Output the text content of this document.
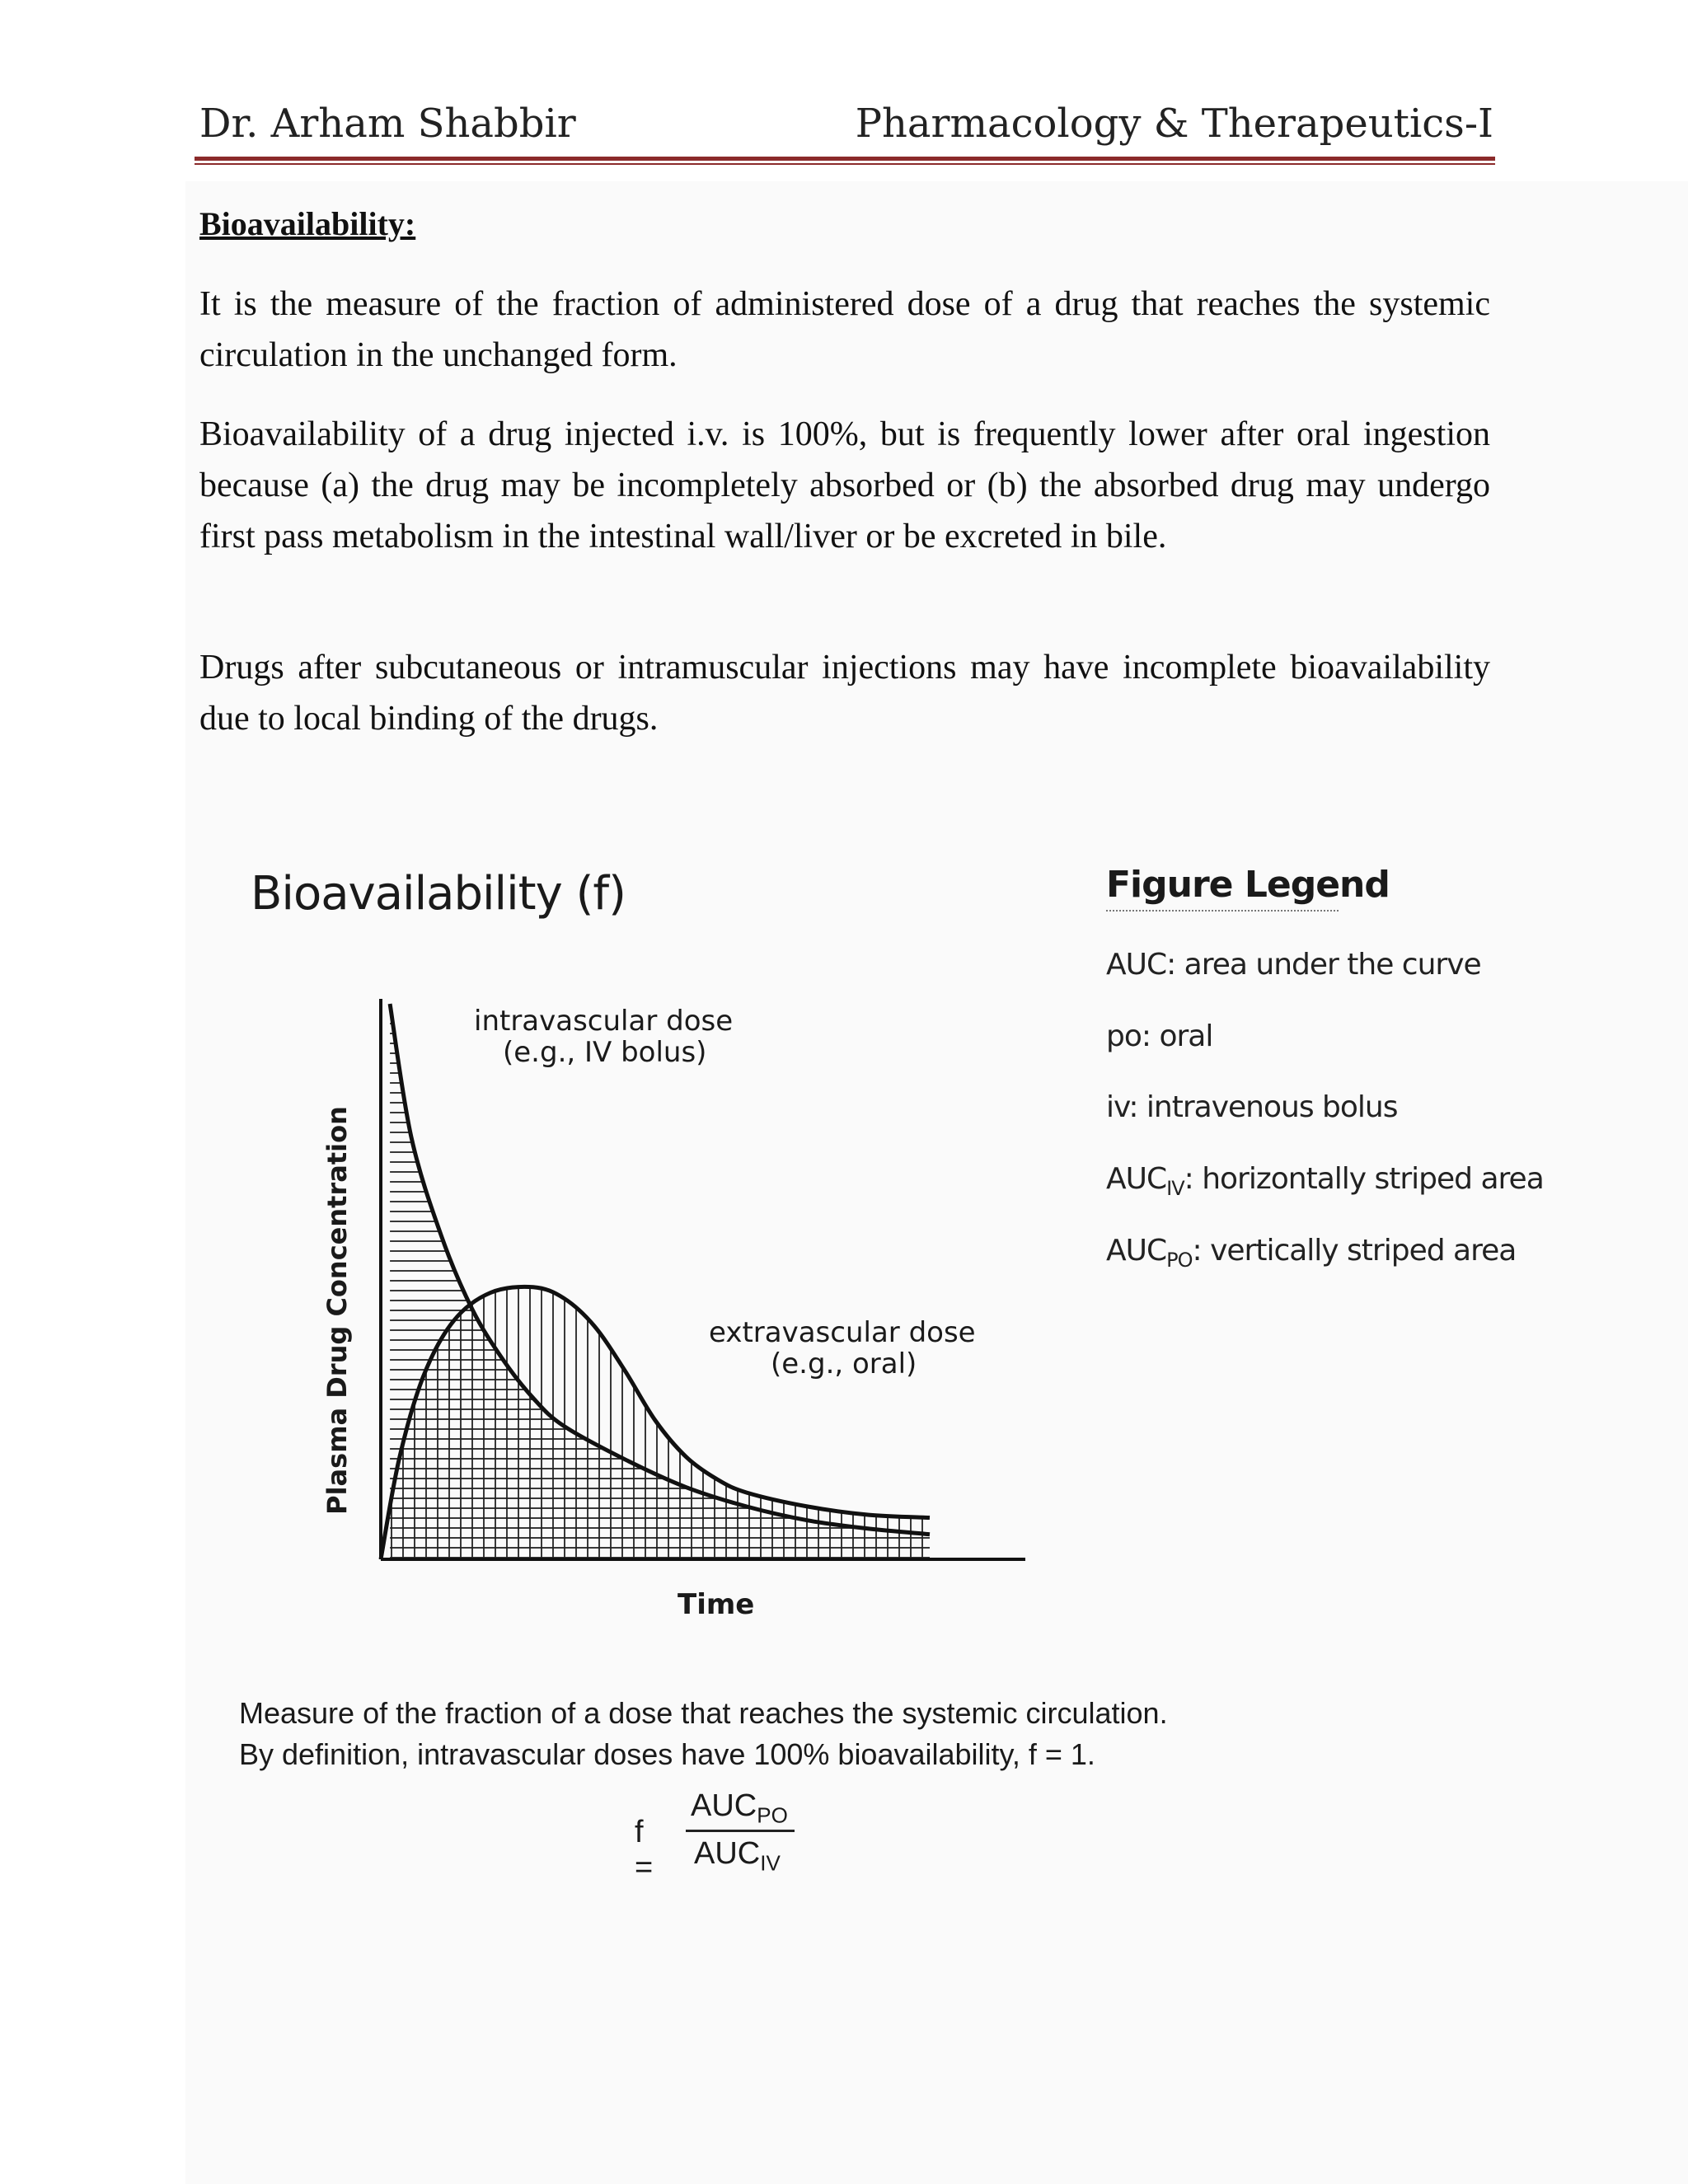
Dr. Arham Shabbir	Pharmacology & Therapeutics-I
Bioavailability:

It is the measure of the fraction of administered dose of a drug that reaches the systemic circulation in the unchanged form.

Bioavailability of a drug injected i.v. is 100%, but is frequently lower after oral ingestion because (a) the drug may be incompletely absorbed or (b) the absorbed drug may undergo first pass metabolism in the intestinal wall/liver or be excreted in bile.

Drugs after subcutaneous or intramuscular injections may have incomplete bioavailability due to local binding of the drugs.

Bioavailability (f)	Figure Legend
AUC: area under the curve
po: oral
iv: intravenous bolus
$AUC_{IV}$: horizontally striped area
$AUC_{PO}$: vertically striped area
intravascular dose
(e.g., IV bolus)
extravascular dose
(e.g., oral)
Time
Plasma Drug Concentration
Measure of the fraction of a dose that reaches the systemic circulation.
By definition, intravascular doses have 100% bioavailability, f = 1.
f =
$AUC_{PO}$
$AUC_{IV}$
